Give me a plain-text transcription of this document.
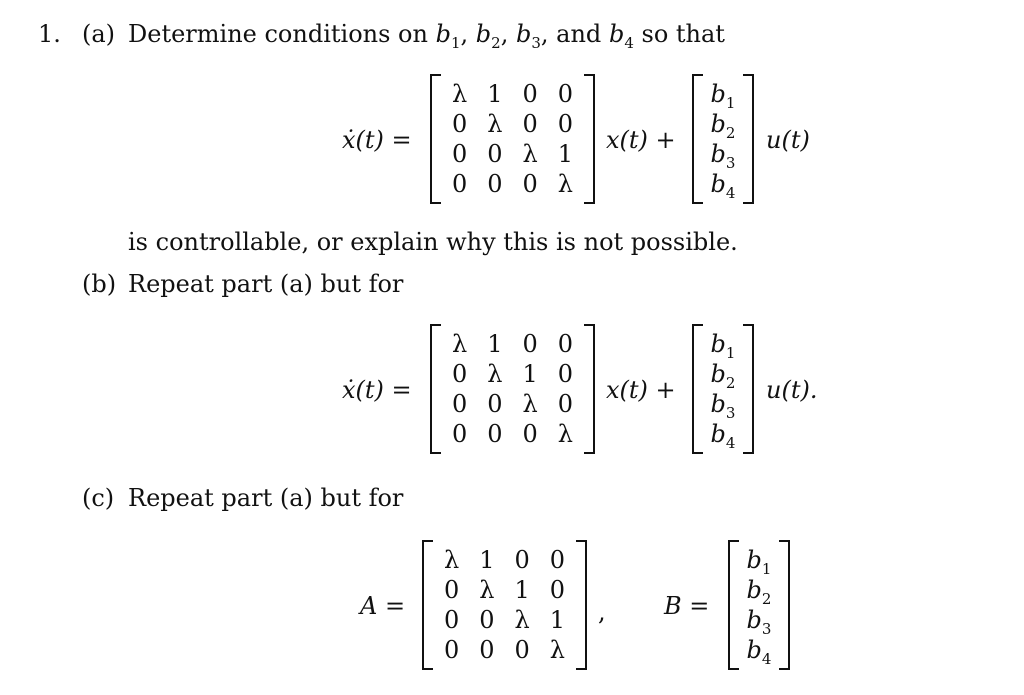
1. (a) Determine conditions on $b_1$, $b_2$, $b_3$, and $b_4$ so that
ẋ(t) =
λ 1 0 0
0 λ 0 0
0 0 λ 1
0 0 0 λ
x(t) +
$b_1$
$b_2$
$b_3$
$b_4$
u(t)
is controllable, or explain why this is not possible.
(b) Repeat part (a) but for
ẋ(t) =
λ 1 0 0
0 λ 1 0
0 0 λ 0
0 0 0 λ
x(t) +
$b_1$
$b_2$
$b_3$
$b_4$
u(t).
(c) Repeat part (a) but for
A =
λ 1 0 0
0 λ 1 0
0 0 λ 1
0 0 0 λ
, B =
$b_1$
$b_2$
$b_3$
$b_4$
